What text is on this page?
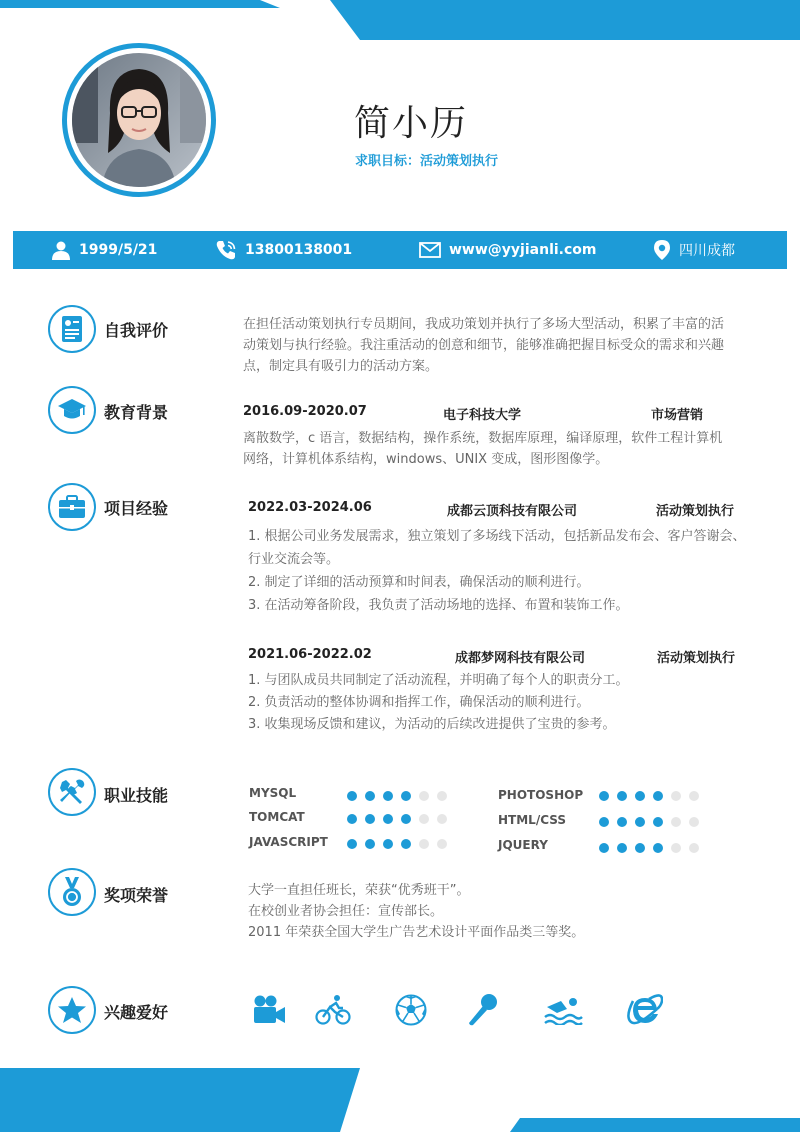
简小历
求职目标：活动策划执行
1999/5/21	13800138001	www@yyjianli.com	四川成都
自我评价	在担任活动策划执行专员期间，我成功策划并执行了多场大型活动，积累了丰富的活
动策划与执行经验。我注重活动的创意和细节，能够准确把握目标受众的需求和兴趣
点，制定具有吸引力的活动方案。
教育背景	2016.09-2020.07	电子科技大学	市场营销
离散数学，c 语言，数据结构，操作系统，数据库原理，编译原理，软件工程计算机
网络，计算机体系结构，windows、UNIX 变成，图形图像学。
项目经验	2022.03-2024.06	成都云顶科技有限公司	活动策划执行
1. 根据公司业务发展需求，独立策划了多场线下活动，包括新品发布会、客户答谢会、
行业交流会等。
2. 制定了详细的活动预算和时间表，确保活动的顺利进行。
3. 在活动筹备阶段，我负责了活动场地的选择、布置和装饰工作。
2021.06-2022.02	成都梦网科技有限公司	活动策划执行
1. 与团队成员共同制定了活动流程，并明确了每个人的职责分工。
2. 负责活动的整体协调和指挥工作，确保活动的顺利进行。
3. 收集现场反馈和建议，为活动的后续改进提供了宝贵的参考。
职业技能	MYSQL	PHOTOSHOP
TOMCAT	HTML/CSS
JAVASCRIPT	JQUERY
奖项荣誉	大学一直担任班长，荣获“优秀班干”。
在校创业者协会担任：宣传部长。
2011 年荣获全国大学生广告艺术设计平面作品类三等奖。
兴趣爱好
